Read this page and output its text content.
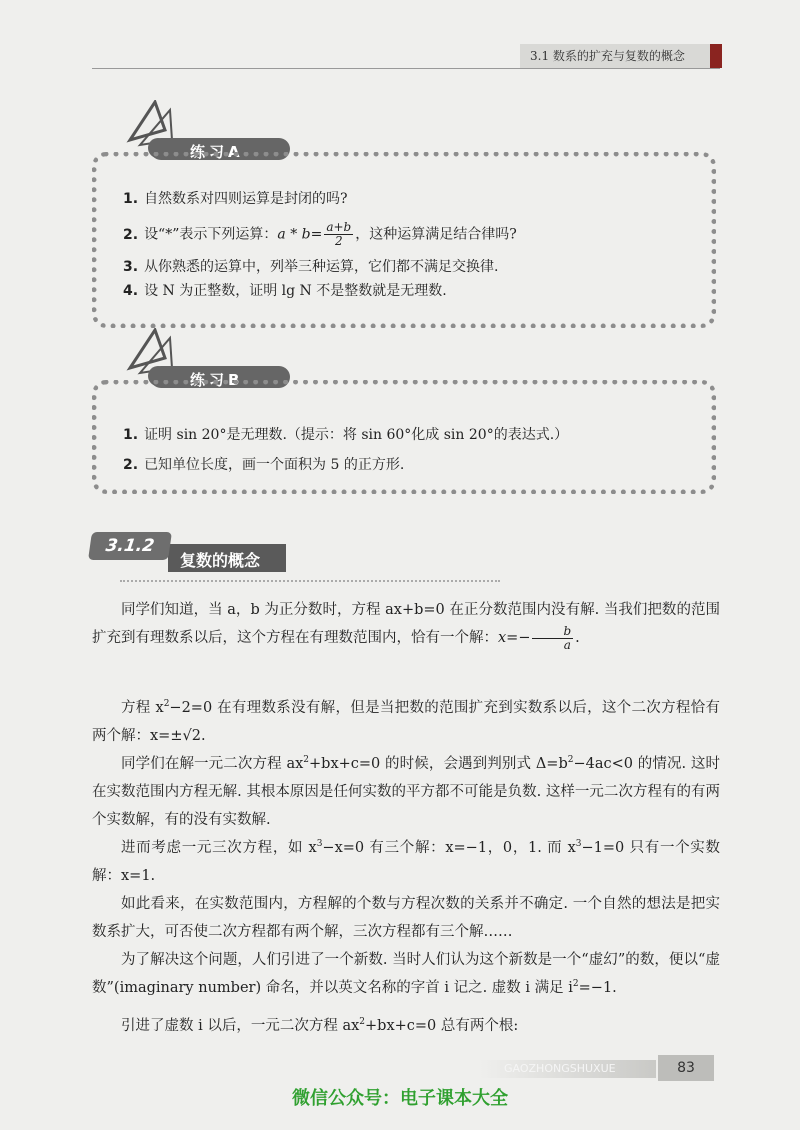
3.1 数系的扩充与复数的概念
练习A
1. 自然数系对四则运算是封闭的吗?
2. 设“*”表示下列运算：$a * b= \frac{a+b}{2}$ ，这种运算满足结合律吗?
3. 从你熟悉的运算中，列举三种运算，它们都不满足交换律.
4. 设 N 为正整数，证明 lg N 不是整数就是无理数.
练习B
1. 证明 sin 20°是无理数.（提示：将 sin 60°化成 sin 20°的表达式.）
2. 已知单位长度，画一个面积为 5 的正方形.
3.1.2
复数的概念
同学们知道，当 a，b 为正分数时，方程 ax+b=0 在正分数范围内没有解. 当我们把数的范围扩充到有理数系以后，这个方程在有理数范围内，恰有一个解：$x=- \frac{b}{a}$ .
方程 $x^2-2=0$ 在有理数系没有解，但是当把数的范围扩充到实数系以后，这个二次方程恰有两个解：x=±√2.
同学们在解一元二次方程 $ax^2+bx+c=0$ 的时候，会遇到判别式 $\Delta=b^2-4ac<0$ 的情况. 这时在实数范围内方程无解. 其根本原因是任何实数的平方都不可能是负数. 这样一元二次方程有的有两个实数解，有的没有实数解.
进而考虑一元三次方程，如 $x^3-x=0$ 有三个解：x=−1，0，1. 而 $x^3-1=0$ 只有一个实数解：x=1.
如此看来，在实数范围内，方程解的个数与方程次数的关系并不确定. 一个自然的想法是把实数系扩大，可否使二次方程都有两个解，三次方程都有三个解……
为了解决这个问题，人们引进了一个新数. 当时人们认为这个新数是一个“虚幻”的数，便以“虚数”(imaginary number) 命名，并以英文名称的字首 i 记之. 虚数 i 满足 $i^2=-1$.
引进了虚数 i 以后，一元二次方程 $ax^2+bx+c=0$ 总有两个根:
GAOZHONGSHUXUE	83
微信公众号：电子课本大全
